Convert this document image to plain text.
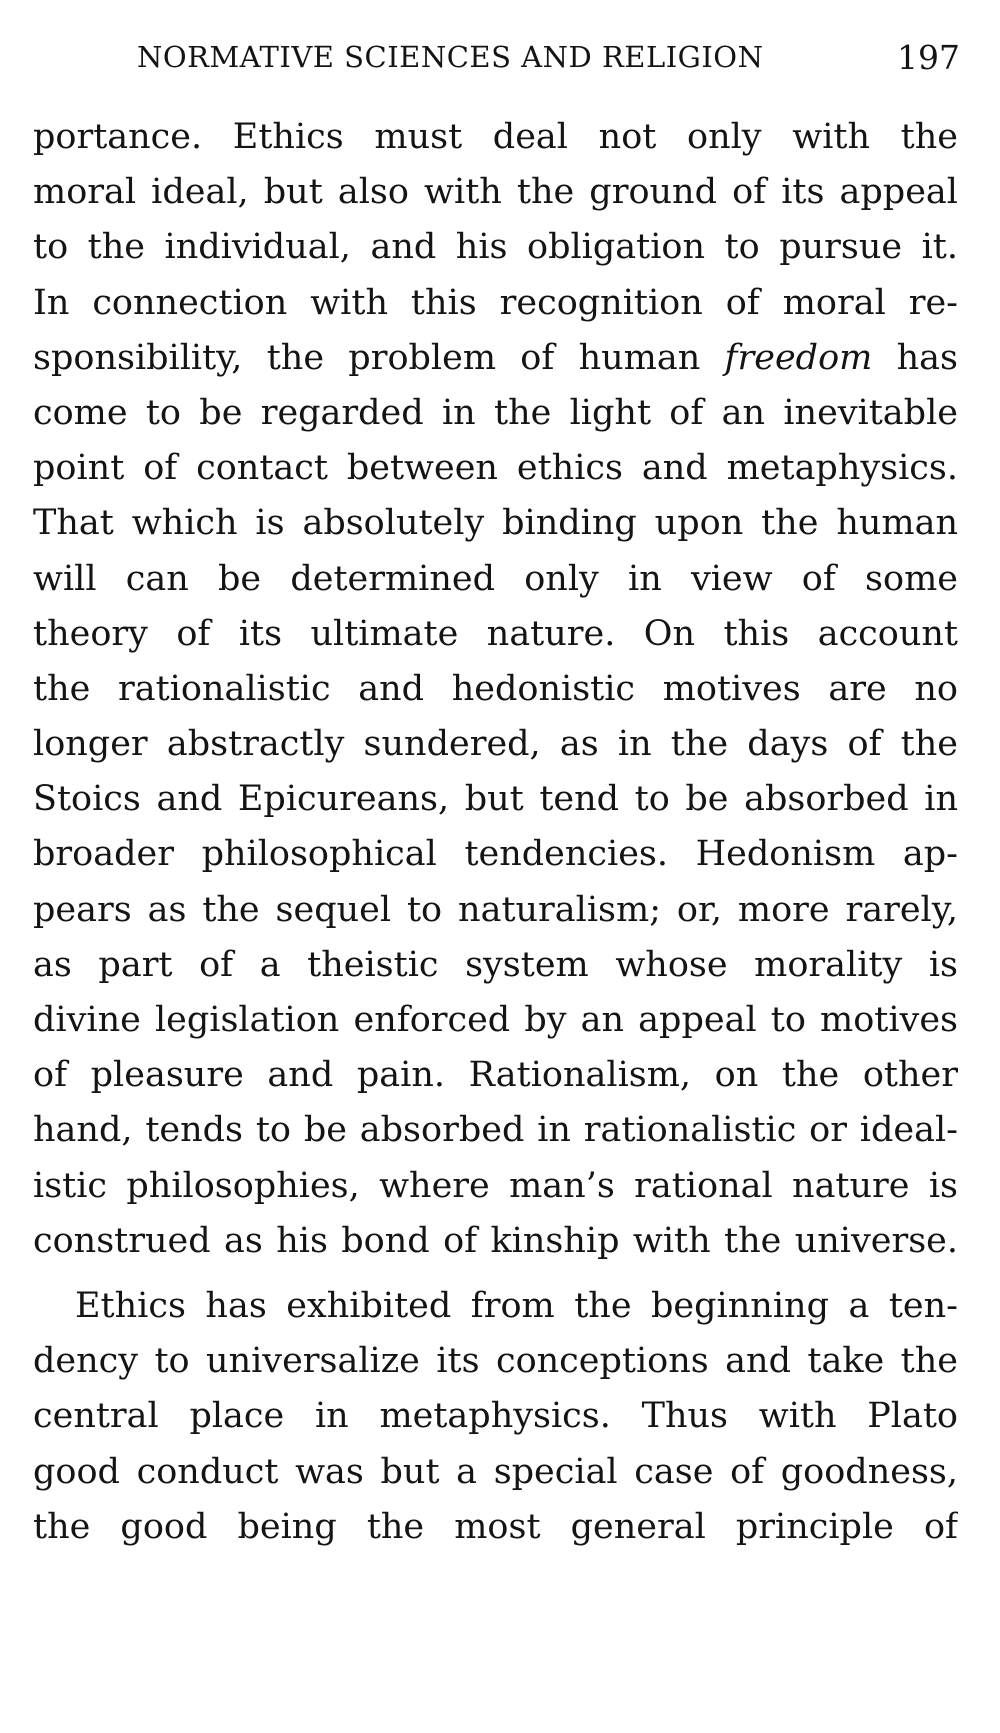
NORMATIVE SCIENCES AND RELIGION	197
portance. Ethics must deal not only with the
moral ideal, but also with the ground of its appeal
to the individual, and his obligation to pursue it.
In connection with this recognition of moral re-
sponsibility, the problem of human freedom has
come to be regarded in the light of an inevitable
point of contact between ethics and metaphysics.
That which is absolutely binding upon the human
will can be determined only in view of some
theory of its ultimate nature. On this account
the rationalistic and hedonistic motives are no
longer abstractly sundered, as in the days of the
Stoics and Epicureans, but tend to be absorbed in
broader philosophical tendencies. Hedonism ap-
pears as the sequel to naturalism; or, more rarely,
as part of a theistic system whose morality is
divine legislation enforced by an appeal to motives
of pleasure and pain. Rationalism, on the other
hand, tends to be absorbed in rationalistic or ideal-
istic philosophies, where man’s rational nature is
construed as his bond of kinship with the universe.
Ethics has exhibited from the beginning a ten-
dency to universalize its conceptions and take the
central place in metaphysics. Thus with Plato
good conduct was but a special case of goodness,
the good being the most general principle of
